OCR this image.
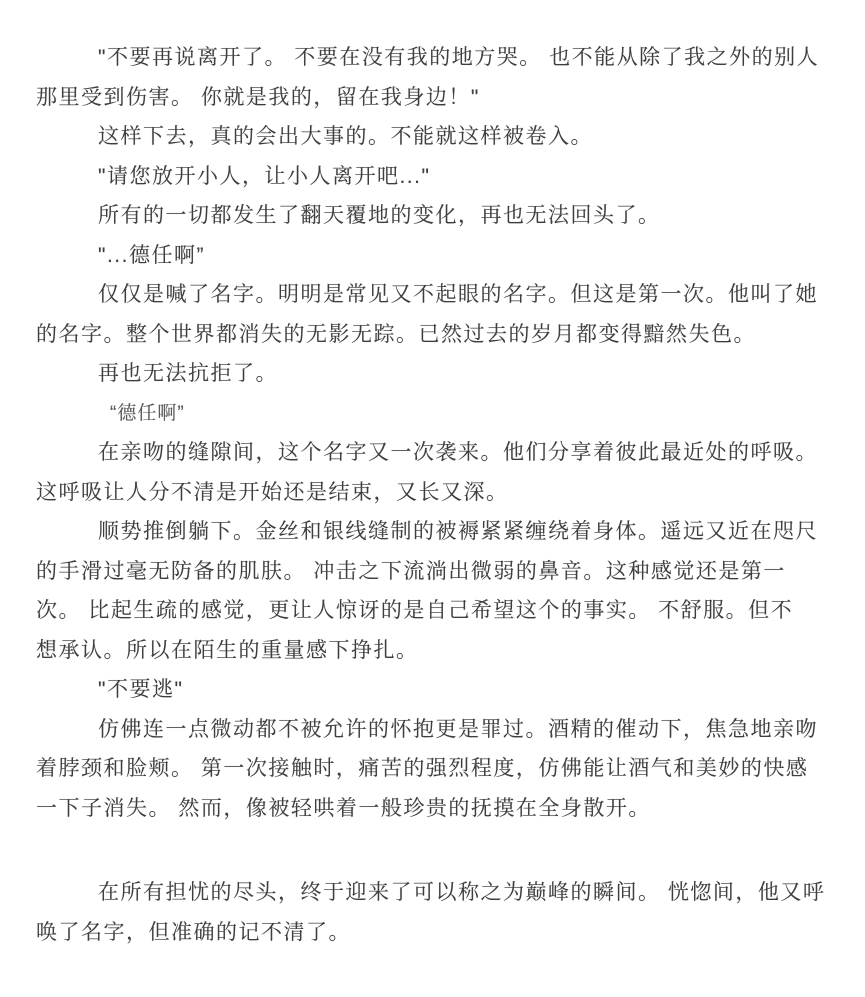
"不要再说离开了。 不要在没有我的地方哭。 也不能从除了我之外的别人
那里受到伤害。 你就是我的，留在我身边！"
这样下去，真的会出大事的。不能就这样被卷入。
"请您放开小人，让小人离开吧..."
所有的一切都发生了翻天覆地的变化，再也无法回头了。
"...德任啊”
仅仅是喊了名字。明明是常见又不起眼的名字。但这是第一次。他叫了她
的名字。整个世界都消失的无影无踪。已然过去的岁月都变得黯然失色。
再也无法抗拒了。
“德任啊”
在亲吻的缝隙间，这个名字又一次袭来。他们分享着彼此最近处的呼吸。
这呼吸让人分不清是开始还是结束，又长又深。
顺势推倒躺下。金丝和银线缝制的被褥紧紧缠绕着身体。遥远又近在咫尺
的手滑过毫无防备的肌肤。 冲击之下流淌出微弱的鼻音。这种感觉还是第一
次。 比起生疏的感觉，更让人惊讶的是自己希望这个的事实。 不舒服。但不
想承认。所以在陌生的重量感下挣扎。
"不要逃"
仿佛连一点微动都不被允许的怀抱更是罪过。酒精的催动下，焦急地亲吻
着脖颈和脸颊。 第一次接触时，痛苦的强烈程度，仿佛能让酒气和美妙的快感
一下子消失。 然而，像被轻哄着一般珍贵的抚摸在全身散开。
在所有担忧的尽头，终于迎来了可以称之为巅峰的瞬间。 恍惚间，他又呼
唤了名字，但准确的记不清了。
